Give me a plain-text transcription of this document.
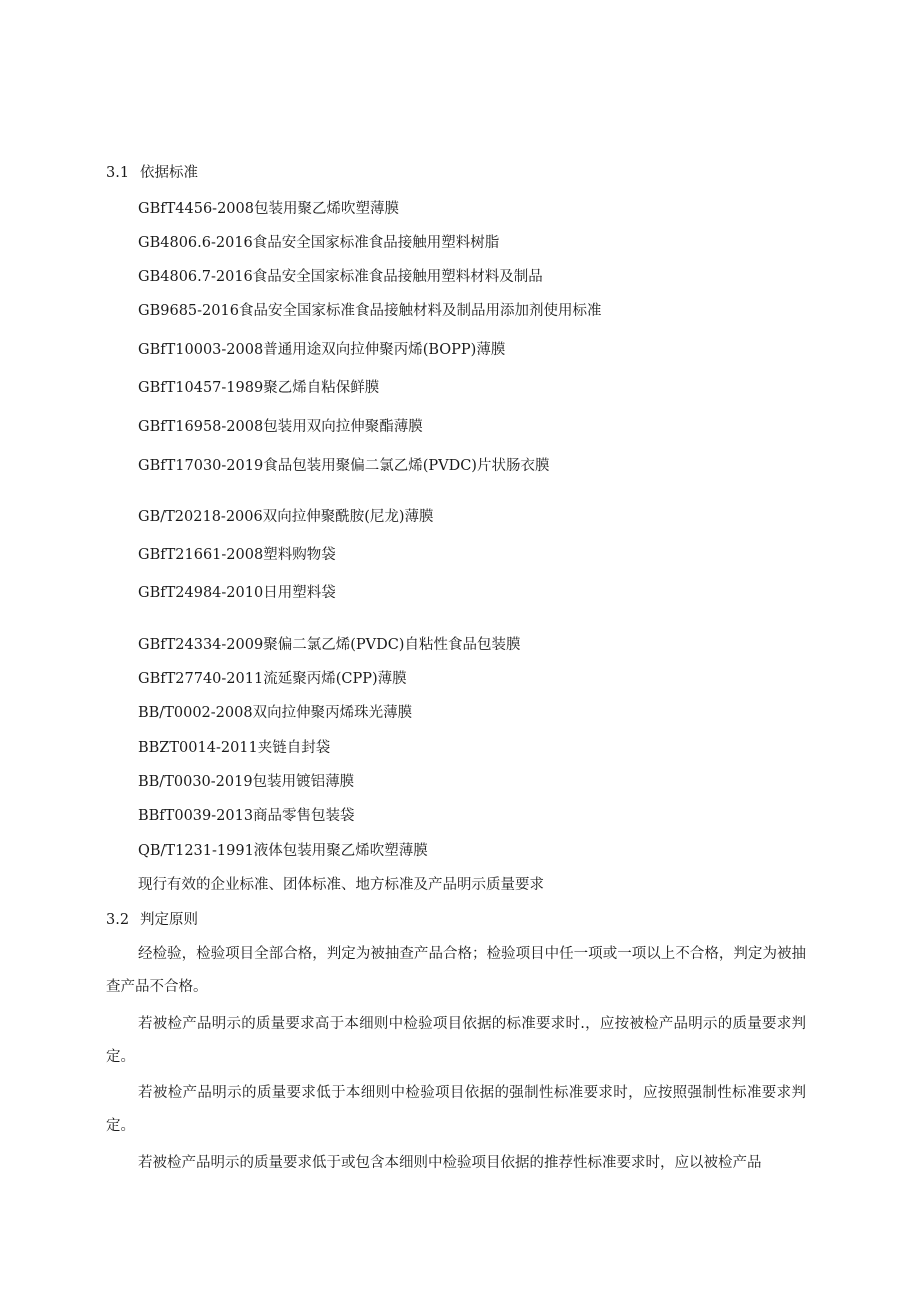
3.1 依据标准
GBfT4456-2008包装用聚乙烯吹塑薄膜
GB4806.6-2016食品安全国家标准食品接触用塑料树脂
GB4806.7-2016食品安全国家标准食品接触用塑料材料及制品
GB9685-2016食品安全国家标准食品接触材料及制品用添加剂使用标准
GBfT10003-2008普通用途双向拉伸聚丙烯(BOPP)薄膜
GBfT10457-1989聚乙烯自粘保鲜膜
GBfT16958-2008包装用双向拉伸聚酯薄膜
GBfT17030-2019食品包装用聚偏二氯乙烯(PVDC)片状肠衣膜
GB/T20218-2006双向拉伸聚酰胺(尼龙)薄膜
GBfT21661-2008塑料购物袋
GBfT24984-2010日用塑料袋
GBfT24334-2009聚偏二氯乙烯(PVDC)自粘性食品包装膜
GBfT27740-2011流延聚丙烯(CPP)薄膜
BB/T0002-2008双向拉伸聚丙烯珠光薄膜
BBZT0014-2011夹链自封袋
BB/T0030-2019包装用镀铝薄膜
BBfT0039-2013商品零售包装袋
QB/T1231-1991液体包装用聚乙烯吹塑薄膜
现行有效的企业标准、团体标准、地方标准及产品明示质量要求
3.2 判定原则
经检验，检验项目全部合格，判定为被抽查产品合格；检验项目中任一项或一项以上不合格，判定为被抽查产品不合格。
若被检产品明示的质量要求高于本细则中检验项目依据的标准要求时.，应按被检产品明示的质量要求判定。
若被检产品明示的质量要求低于本细则中检验项目依据的强制性标准要求时，应按照强制性标准要求判定。
若被检产品明示的质量要求低于或包含本细则中检验项目依据的推荐性标准要求时，应以被检产品
